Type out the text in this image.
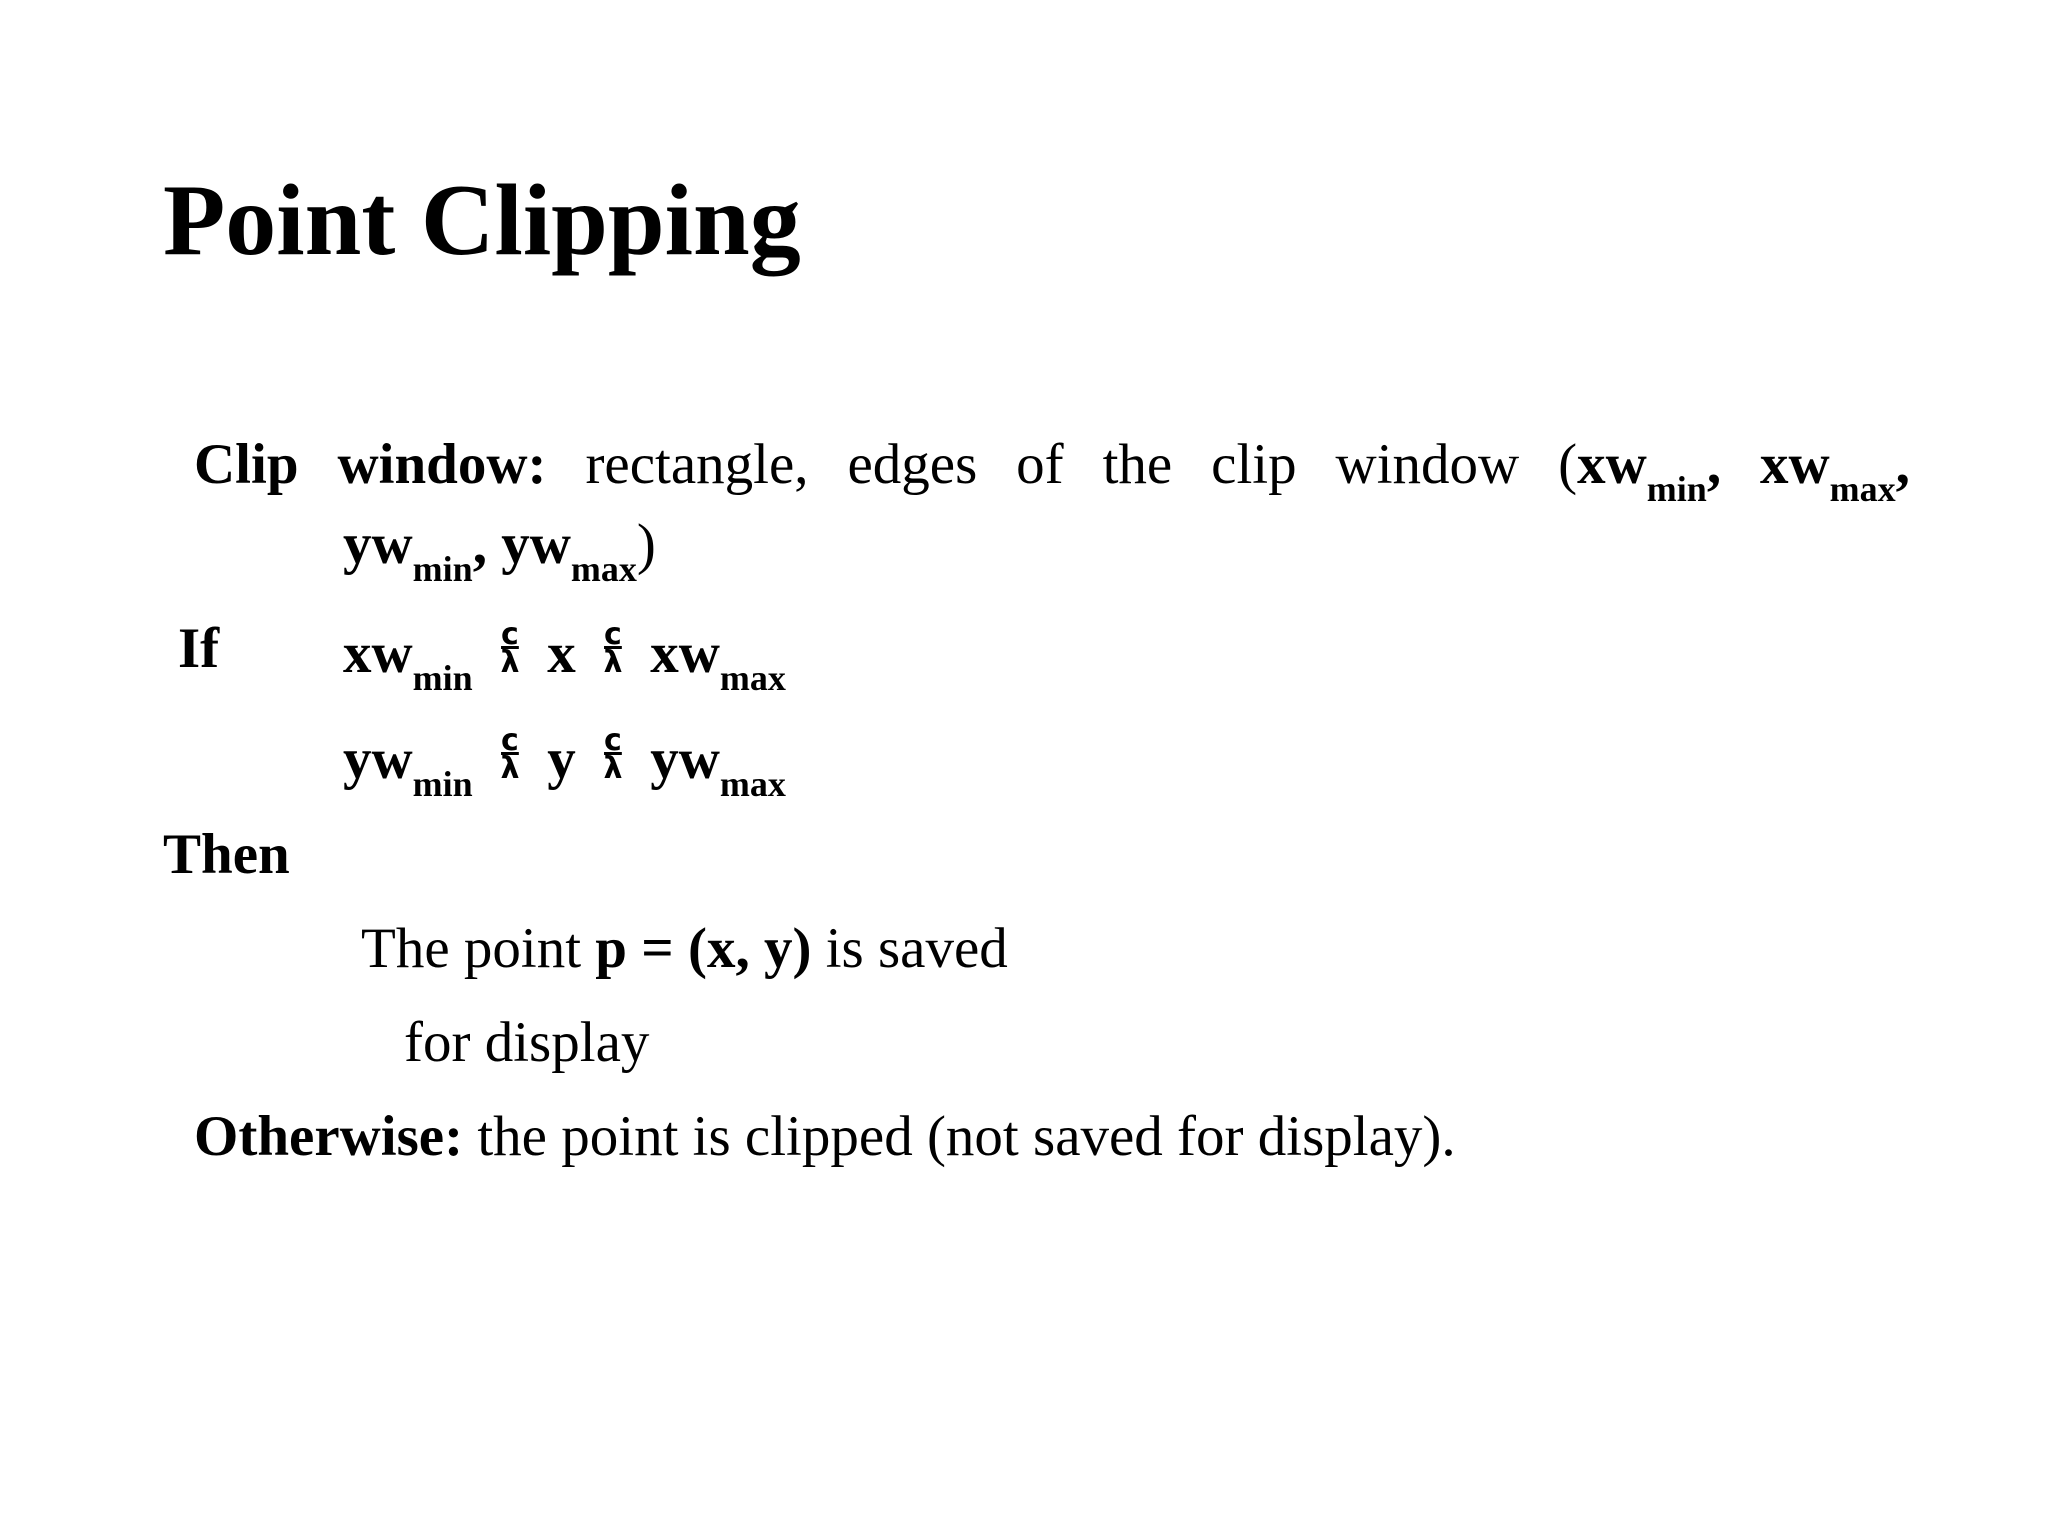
Point Clipping
Clip window: rectangle, edges of the clip window ($xw_{min}$, $xw_{max}$,
$yw_{min}$, $yw_{max}$)
If $xw_{min} \frac{c}{\lambda}$ x $\frac{c}{\lambda} xw_{max}$
$yw_{min} \frac{c}{\lambda}$ y $\frac{c}{\lambda} yw_{max}$
Then
The point p = (x, y) is saved
for display
Otherwise: the point is clipped (not saved for display).
